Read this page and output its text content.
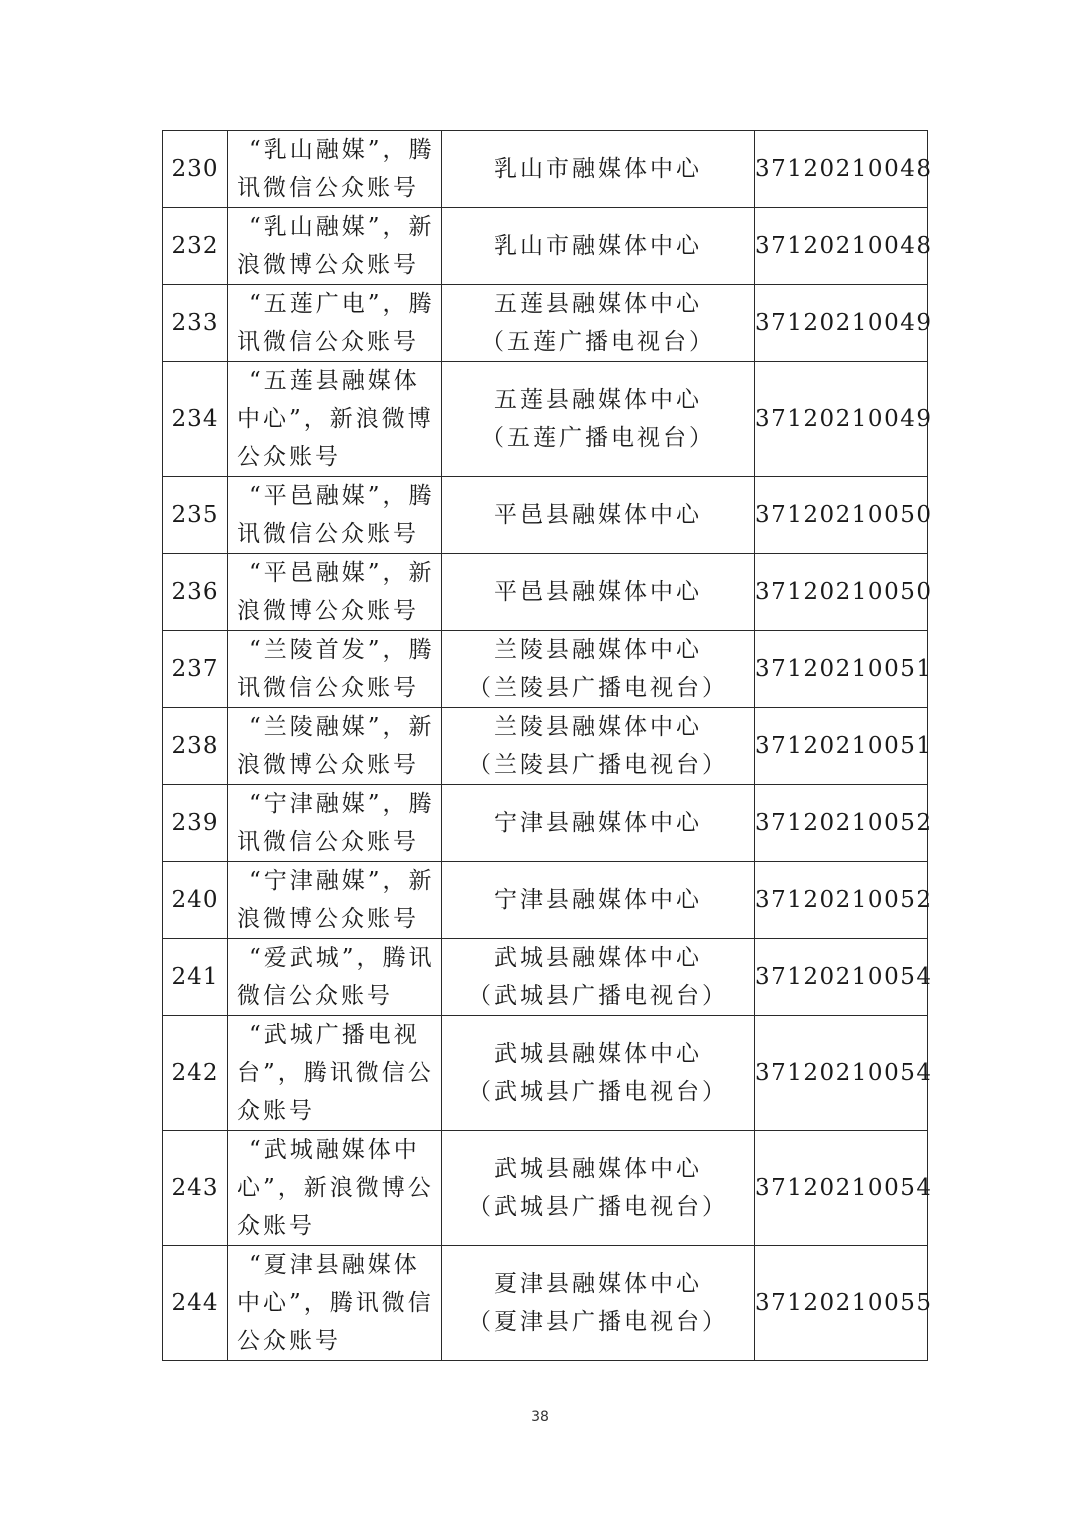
230	“乳山融媒”，腾
讯微信公众账号	乳山市融媒体中心	37120210048
232	“乳山融媒”，新
浪微博公众账号	乳山市融媒体中心	37120210048
233	“五莲广电”，腾
讯微信公众账号	五莲县融媒体中心
（五莲广播电视台）	37120210049
234	“五莲县融媒体
中心”，新浪微博
公众账号	五莲县融媒体中心
（五莲广播电视台）	37120210049
235	“平邑融媒”，腾
讯微信公众账号	平邑县融媒体中心	37120210050
236	“平邑融媒”，新
浪微博公众账号	平邑县融媒体中心	37120210050
237	“兰陵首发”，腾
讯微信公众账号	兰陵县融媒体中心
（兰陵县广播电视台）	37120210051
238	“兰陵融媒”，新
浪微博公众账号	兰陵县融媒体中心
（兰陵县广播电视台）	37120210051
239	“宁津融媒”，腾
讯微信公众账号	宁津县融媒体中心	37120210052
240	“宁津融媒”，新
浪微博公众账号	宁津县融媒体中心	37120210052
241	“爱武城”，腾讯
微信公众账号	武城县融媒体中心
（武城县广播电视台）	37120210054
242	“武城广播电视
台”，腾讯微信公
众账号	武城县融媒体中心
（武城县广播电视台）	37120210054
243	“武城融媒体中
心”，新浪微博公
众账号	武城县融媒体中心
（武城县广播电视台）	37120210054
244	“夏津县融媒体
中心”，腾讯微信
公众账号	夏津县融媒体中心
（夏津县广播电视台）	37120210055
38
